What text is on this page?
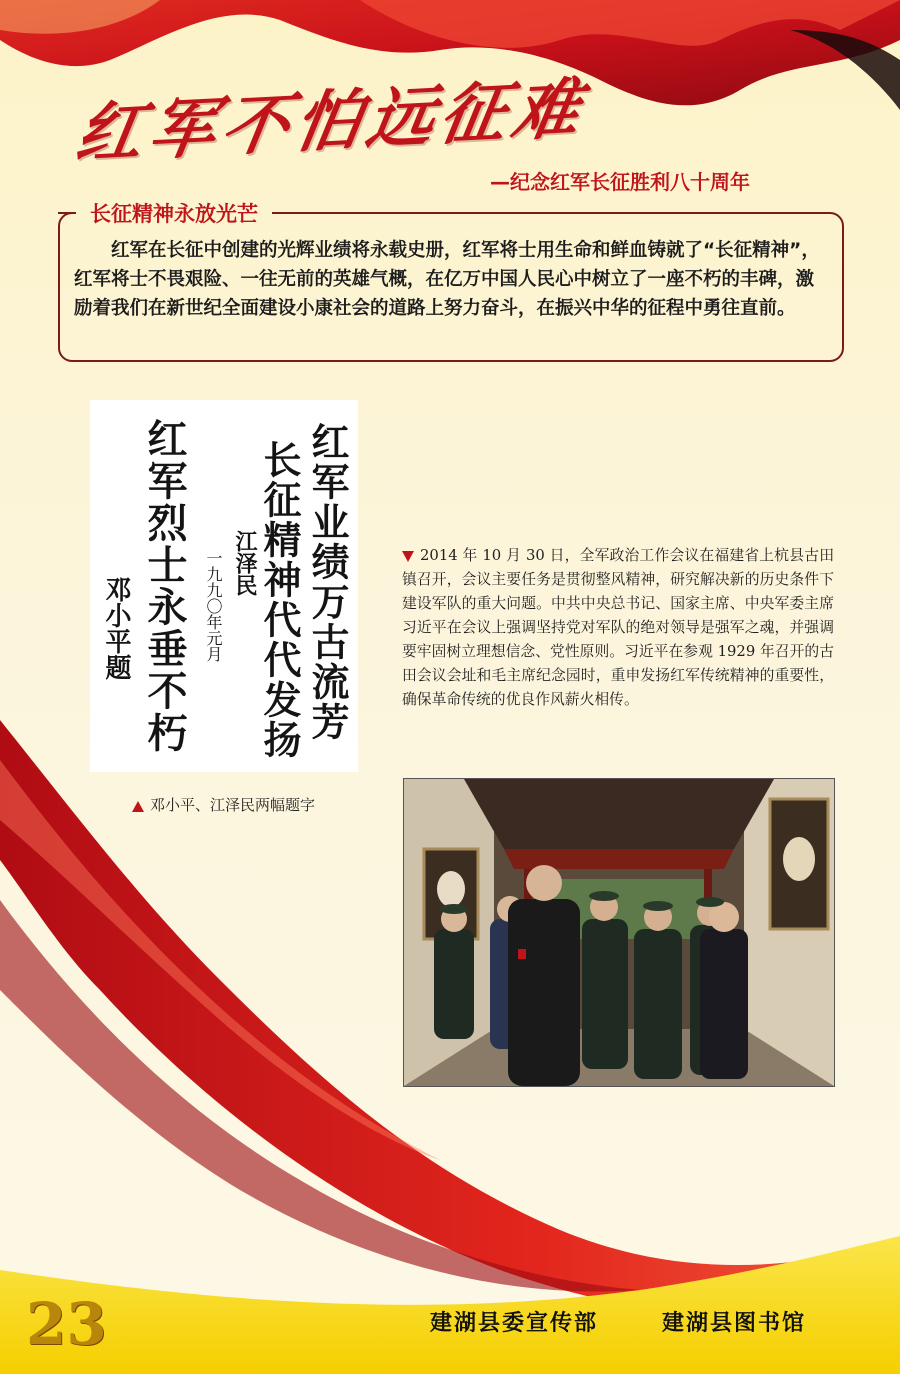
红军不怕远征难
—纪念红军长征胜利八十周年
长征精神永放光芒
红军在长征中创建的光辉业绩将永载史册，红军将士用生命和鲜血铸就了“长征精神”，红军将士不畏艰险、一往无前的英雄气概，在亿万中国人民心中树立了一座不朽的丰碑，激励着我们在新世纪全面建设小康社会的道路上努力奋斗，在振兴中华的征程中勇往直前。
红军业绩万古流芳
长征精神代代发扬
江泽民
一九九〇年元月
红军烈士永垂不朽
邓小平题
邓小平、江泽民两幅题字
2014 年 10 月 30 日，全军政治工作会议在福建省上杭县古田镇召开，会议主要任务是贯彻整风精神，研究解决新的历史条件下建设军队的重大问题。中共中央总书记、国家主席、中央军委主席习近平在会议上强调坚持党对军队的绝对领导是强军之魂，并强调要牢固树立理想信念、党性原则。习近平在参观 1929 年召开的古田会议会址和毛主席纪念园时，重申发扬红军传统精神的重要性，确保革命传统的优良作风薪火相传。
23	建湖县委宣传部	建湖县图书馆
